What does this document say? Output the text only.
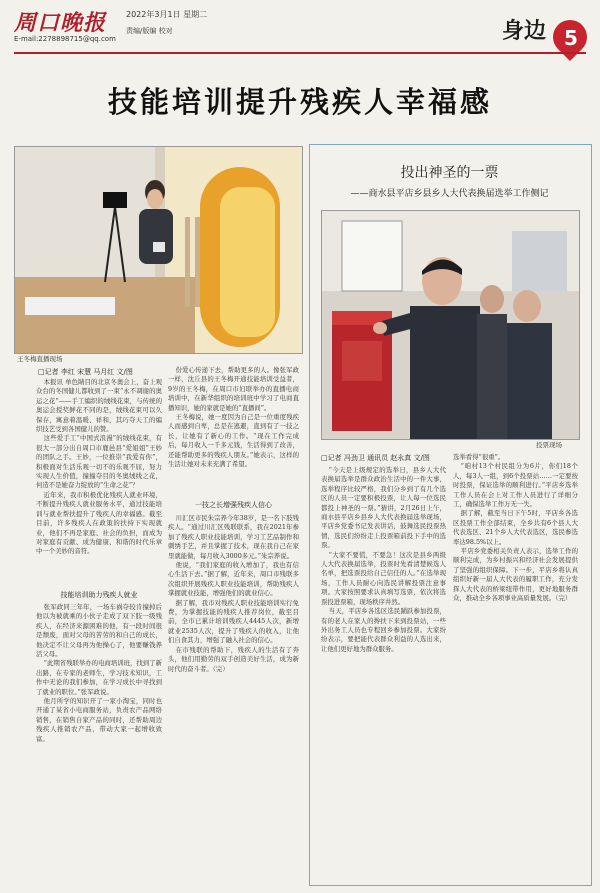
周口晚报
E-mail:2278898715@qq.com
2022年3月1日 星期二
责编/版编 校对	身边 5
技能培训提升残疾人幸福感
王冬梅直播现场
□记者 李红 宋慧 马月红 文/图

本报讯 单色睛目的北京冬奥会上，奋上观众台的冬国健儿都收到了一束“永不凋谢的奥运之花”——手工编织的绒线花束，与传统的奥运会授奖鲜花不同的是，绒线花束可以久保存，寓意着温暖、祥和，其巧夺天工的编织技艺受到各国健儿的赞。

这些爱手工“中国式浪漫”的绒线花束，有很大一部分出自周口市鹿邑县“爱姐姐”王妙的团队之手。王妙，一位推崇“我爱有你”，积极面对生活乐观一切不的乐观不屈，努力实现人生价值，撞撞夺目的冬奥绒线之花，何造不是她奋力绽放的“生命之花”？

近年来，我市积极优化残疾人就业环境，不断提升残疾人就业服务水平，通过技能培训与就业帮扶提升了残疾人的幸福感。截至目前，许多残疾人在政策的扶持下实现就业，他们不再是家庭、社会的负担，而成为对家庭有贡献、成为健康、和谐的时代乐章中一个美妙的音符。

技能培训助力残疾人就业

张军政同三年年，一场车祸夺较肯撞掉后他以为被就乘的小伙子走成了双下肢一级残疾人，在经济来源困难的他，有一段时间很是颓废，面对父母的苦劳的和自己的成长，他决定不让父母再为他操心了，他要赚钱养活父母。

“此期省残联举办的电商培训班，找到了新出路，在专家的老师生，学习技术知识，工作中无论的我们参加，在学习成长中寻找到了就业的职位。”张军政说。

他月所学的知识开了一家小淘宝，同时也开通了某省小电商服务站，负责农产品网络销售，在销售自家产品的同时，还帮助周边残疾人推销农产品，带动大家一起增收致富。

份爱心传递下去，帮助更多的人。像张军政一样，沈丘县的王冬梅开通技能培训受益者，9岁的王冬梅，在周口市妇联举办的直播电商培训中，在新华组织的培训班中学习了电商直播知识，她的家就是她的“直播间”。

王冬梅说，她一度因为自己是一位重度残疾人而感到自卑，总是在逃避，直到有了一技之长，让她有了新心的工作。“现在工作完成后，每月收入一千多元钱，生活得到了改善，还能帮助更多的残疾人朋友。”她表示，这样的生活让她对未来充满了希望。

一技之长增强残疾人信心

川汇区市民朱宗养今年38岁，是一名下肢残疾人。“通过川汇区残联联系，我在2021年参加了残疾人职业技能培训，学习工艺品制作和刺绣手艺，并且掌握了技术，现在我自己在家里就能做，每月收入3000多元。”朱宗养说。

他说，“我们家庭的收入增加了，我也有信心生活下去。”据了解，近年来，周口市残联多次组织开展残疾人职业技能培训，帮助残疾人掌握就业技能，增强他们的就业信心。

据了解，我市对残疾人职业技能培训实行免费，为掌握技能的残疾人推荐岗位，截至目前，全市已累计培训残疾人4445人次，新增就业2535人次，提升了残疾人的收入，让他们自食其力，增强了融入社会的信心。

在市残联的帮助下，残疾人的生活有了奔头，他们用勤劳的双手创造美好生活，成为新时代的奋斗者。（完）

投出神圣的一票
——商水县平店乡县乡人大代表换届选举工作侧记
投票现场
□记者 冯劲卫 通讯员 赵永真 文/图

“今天是上级规定的选举日，县乡人大代表换届选举是群众政治生活中的一件大事，选举程序比较严格，我们分乡到了有几个选区的人员一定要积极投票，让人每一位选民都投上神圣的一票。”猜讲，2月26日上午，商水县平店乡县乡人大代表换届选举现场，平店乡党委书记发表讲话，鼓舞选民投票热情，选民们纷纷走上投票箱前投下手中的选票。

“大家不要慌，不要急！这次是县乡两级人大代表换届选举，投票时先看清楚候选人名单，把选票投给自己信任的人。”在选举现场，工作人员耐心向选民讲解投票注意事项。大家按照要求认真填写选票，依次将选票投进票箱，现场秩序井然。

当天，平店乡各选区选民踊跃参加投票，有的老人在家人的搀扶下来到投票站，一些外出务工人员也专程回乡参加投票。大家纷纷表示，要把能代表群众利益的人选出来，让他们更好地为群众服务。

选举看得“很重”。

“咱村13个村民组分为6片，你们18个人，每3人一组，到6个投票站……一定要按时投票，保证选举的顺利进行。”平店乡选举工作人员在会上对工作人员进行了详细分工，确保选举工作万无一失。

据了解，截至当日下午5时，平店乡各选区投票工作全部结束，全乡共有6个县人大代表选区、21个乡人大代表选区，选民参选率达98.5%以上。

平店乡党委相关负责人表示，选举工作的顺利完成，为乡村振兴和经济社会发展提供了坚强的组织保障。下一步，平店乡将认真组织好新一届人大代表的履职工作，充分发挥人大代表的桥梁纽带作用，更好地服务群众，推动全乡各项事业高质量发展。（完）
